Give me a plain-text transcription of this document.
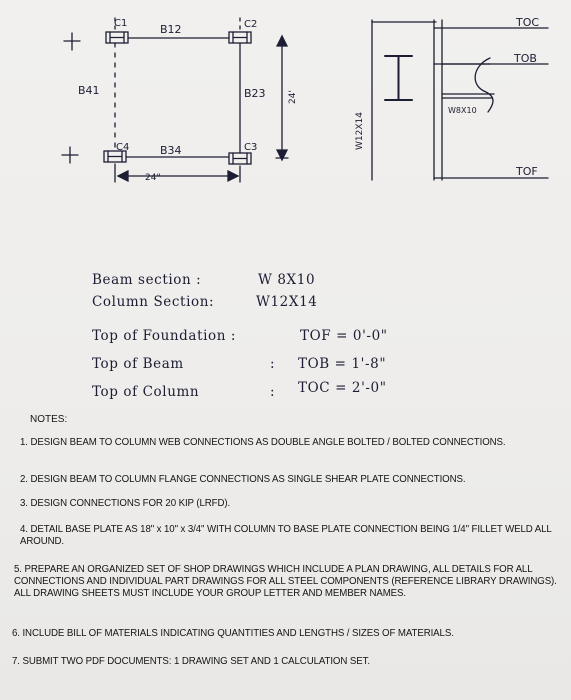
C1	B12	C2
B41	B23
C4	B34	C3
24"
24'
TOC
TOB
TOF
W12X14
W8X10
Beam section :	W 8X10
Column Section:	W12X14
Top of Foundation :	TOF = 0'-0"
Top of Beam	: TOB = 1'-8"
Top of Column	: TOC = 2'-0"
NOTES:
1. DESIGN BEAM TO COLUMN WEB CONNECTIONS AS DOUBLE ANGLE BOLTED / BOLTED CONNECTIONS.
2. DESIGN BEAM TO COLUMN FLANGE CONNECTIONS AS SINGLE SHEAR PLATE CONNECTIONS.
3. DESIGN CONNECTIONS FOR 20 KIP (LRFD).
4. DETAIL BASE PLATE AS 18" x 10" x 3/4" WITH COLUMN TO BASE PLATE CONNECTION BEING 1/4" FILLET WELD ALL AROUND.
5. PREPARE AN ORGANIZED SET OF SHOP DRAWINGS WHICH INCLUDE A PLAN DRAWING, ALL DETAILS FOR ALL CONNECTIONS AND INDIVIDUAL PART DRAWINGS FOR ALL STEEL COMPONENTS (REFERENCE LIBRARY DRAWINGS). ALL DRAWING SHEETS MUST INCLUDE YOUR GROUP LETTER AND MEMBER NAMES.
6. INCLUDE BILL OF MATERIALS INDICATING QUANTITIES AND LENGTHS / SIZES OF MATERIALS.
7. SUBMIT TWO PDF DOCUMENTS: 1 DRAWING SET AND 1 CALCULATION SET.
